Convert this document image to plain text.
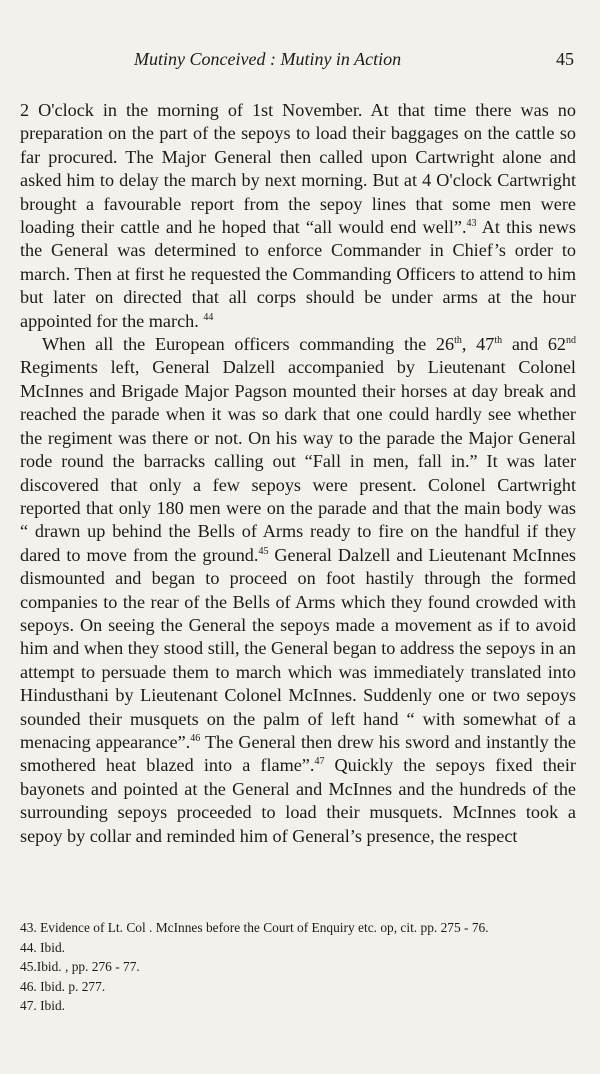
Mutiny Conceived : Mutiny in Action	45

2 O'clock in the morning of 1st November. At that time there was no preparation on the part of the sepoys to load their baggages on the cattle so far procured. The Major General then called upon Cartwright alone and asked him to delay the march by next morning. But at 4 O'clock Cartwright brought a favourable report from the sepoy lines that some men were loading their cattle and he hoped that “all would end well”.$^{43}$ At this news the General was determined to enforce Commander in Chief’s order to march. Then at first he requested the Commanding Officers to attend to him but later on directed that all corps should be under arms at the hour appointed for the march. $^{44}$

When all the European officers commanding the 26th, 47th and 62nd Regiments left, General Dalzell accompanied by Lieutenant Colonel McInnes and Brigade Major Pagson mounted their horses at day break and reached the parade when it was so dark that one could hardly see whether the regiment was there or not. On his way to the parade the Major General rode round the barracks calling out “Fall in men, fall in.” It was later discovered that only a few sepoys were present. Colonel Cartwright reported that only 180 men were on the parade and that the main body was “ drawn up behind the Bells of Arms ready to fire on the handful if they dared to move from the ground.$^{45}$ General Dalzell and Lieutenant McInnes dismounted and began to proceed on foot hastily through the formed companies to the rear of the Bells of Arms which they found crowded with sepoys. On seeing the General the sepoys made a movement as if to avoid him and when they stood still, the General began to address the sepoys in an attempt to persuade them to march which was immediately translated into Hindusthani by Lieutenant Colonel McInnes. Suddenly one or two sepoys sounded their musquets on the palm of left hand “ with somewhat of a menacing appearance”.$^{46}$ The General then drew his sword and instantly the smothered heat blazed into a flame”.$^{47}$ Quickly the sepoys fixed their bayonets and pointed at the General and McInnes and the hundreds of the surrounding sepoys proceeded to load their musquets. McInnes took a sepoy by collar and reminded him of General’s presence, the respect

43. Evidence of Lt. Col . McInnes before the Court of Enquiry etc. op, cit. pp. 275 - 76.
44. Ibid.
45.Ibid. , pp. 276 - 77.
46. Ibid. p. 277.
47. Ibid.
